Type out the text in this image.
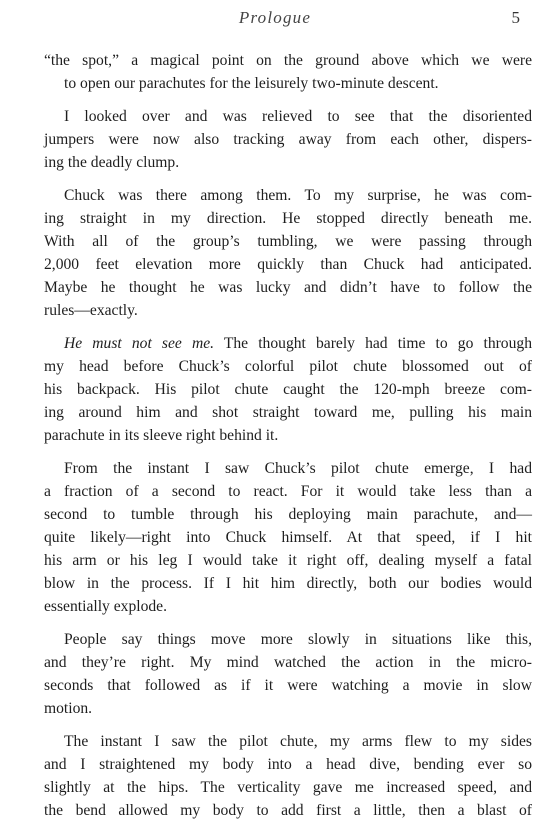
Prologue	5

“the spot,” a magical point on the ground above which we were
to open our parachutes for the leisurely two-minute descent.

I looked over and was relieved to see that the disoriented
jumpers were now also tracking away from each other, dispers-
ing the deadly clump.

Chuck was there among them. To my surprise, he was com-
ing straight in my direction. He stopped directly beneath me.
With all of the group’s tumbling, we were passing through
2,000 feet elevation more quickly than Chuck had anticipated.
Maybe he thought he was lucky and didn’t have to follow the
rules—exactly.

He must not see me. The thought barely had time to go through
my head before Chuck’s colorful pilot chute blossomed out of
his backpack. His pilot chute caught the 120-mph breeze com-
ing around him and shot straight toward me, pulling his main
parachute in its sleeve right behind it.

From the instant I saw Chuck’s pilot chute emerge, I had
a fraction of a second to react. For it would take less than a
second to tumble through his deploying main parachute, and—
quite likely—right into Chuck himself. At that speed, if I hit
his arm or his leg I would take it right off, dealing myself a fatal
blow in the process. If I hit him directly, both our bodies would
essentially explode.

People say things move more slowly in situations like this,
and they’re right. My mind watched the action in the micro-
seconds that followed as if it were watching a movie in slow
motion.

The instant I saw the pilot chute, my arms flew to my sides
and I straightened my body into a head dive, bending ever so
slightly at the hips. The verticality gave me increased speed, and
the bend allowed my body to add first a little, then a blast of
